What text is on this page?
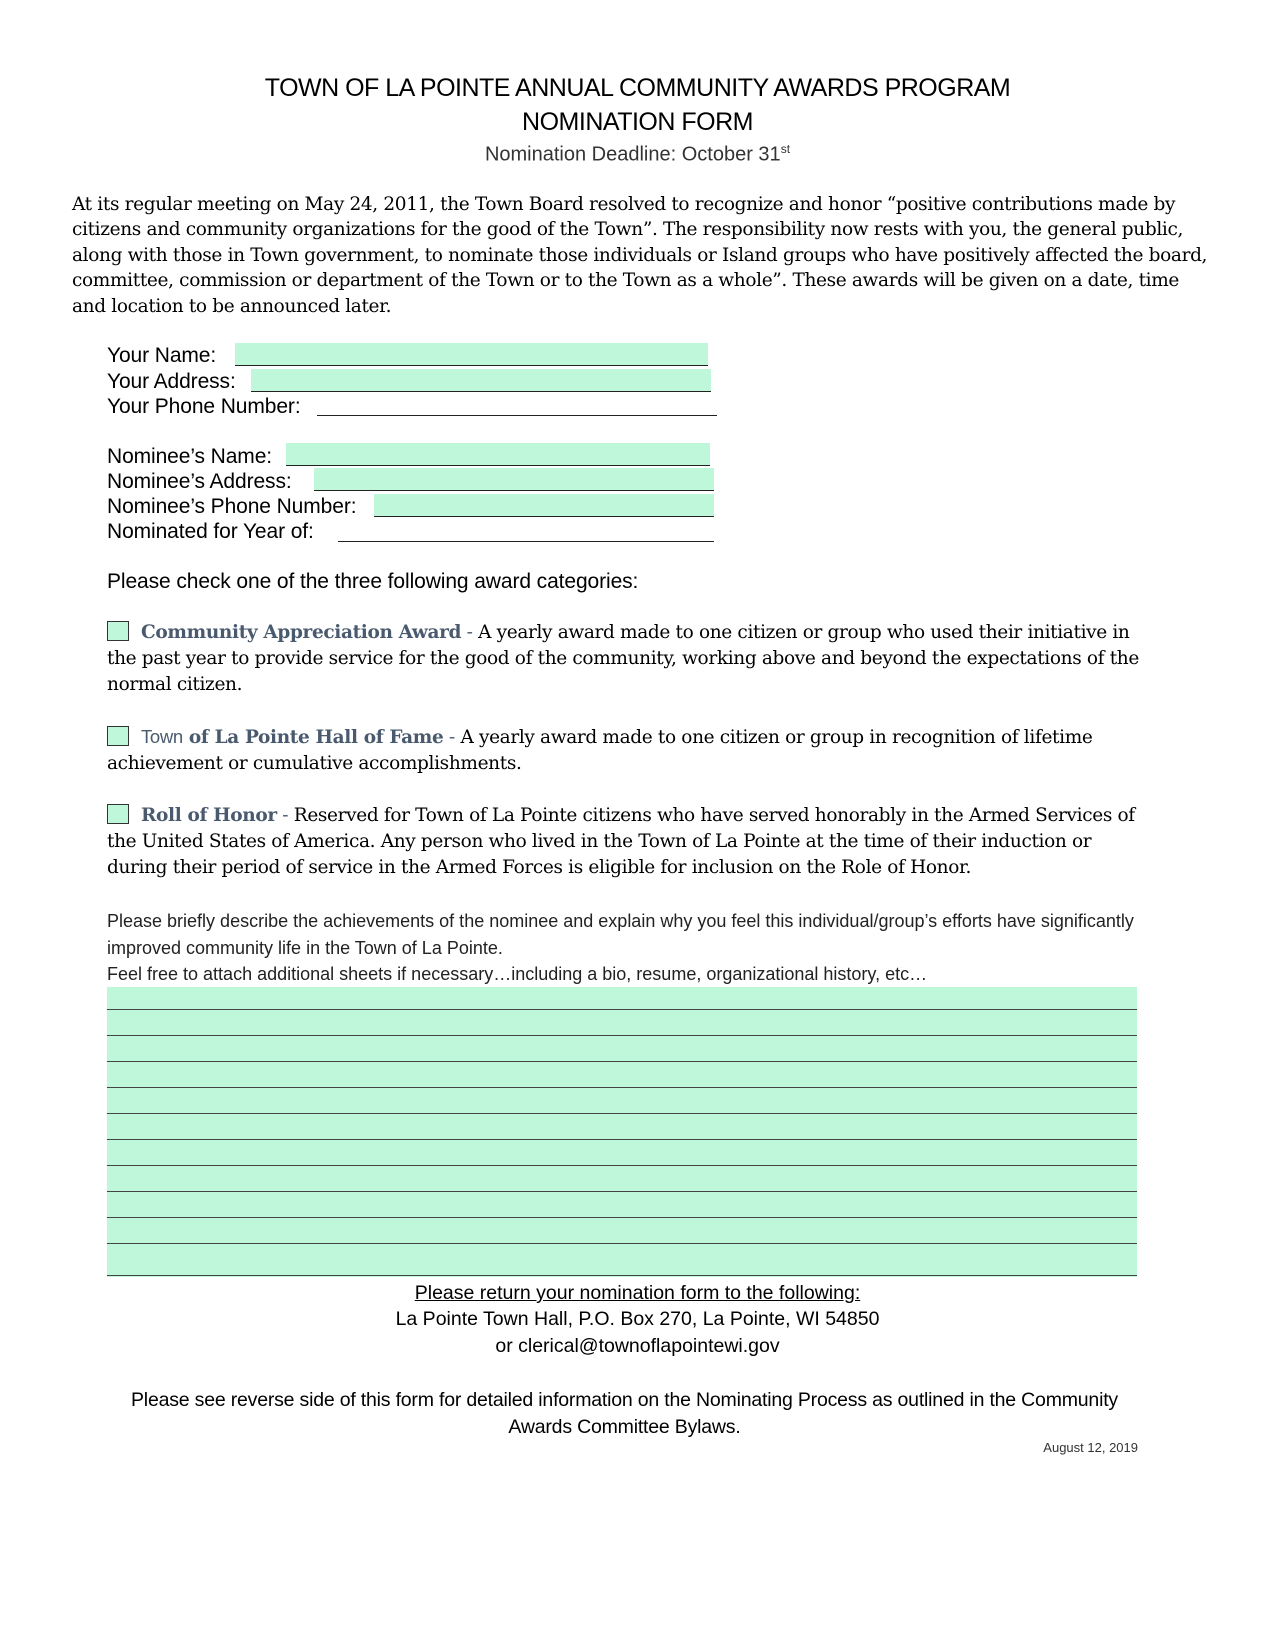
TOWN OF LA POINTE ANNUAL COMMUNITY AWARDS PROGRAM
NOMINATION FORM
Nomination Deadline: October 31st
At its regular meeting on May 24, 2011, the Town Board resolved to recognize and honor “positive contributions made by citizens and community organizations for the good of the Town”. The responsibility now rests with you, the general public, along with those in Town government, to nominate those individuals or Island groups who have positively affected the board, committee, commission or department of the Town or to the Town as a whole”. These awards will be given on a date, time and location to be announced later.
Your Name:
Your Address:
Your Phone Number:
Nominee’s Name:
Nominee’s Address:
Nominee’s Phone Number:
Nominated for Year of:
Please check one of the three following award categories:
Community Appreciation Award - A yearly award made to one citizen or group who used their initiative in the past year to provide service for the good of the community, working above and beyond the expectations of the normal citizen.
Town of La Pointe Hall of Fame - A yearly award made to one citizen or group in recognition of lifetime achievement or cumulative accomplishments.
Roll of Honor - Reserved for Town of La Pointe citizens who have served honorably in the Armed Services of the United States of America. Any person who lived in the Town of La Pointe at the time of their induction or during their period of service in the Armed Forces is eligible for inclusion on the Role of Honor.
Please briefly describe the achievements of the nominee and explain why you feel this individual/group’s efforts have significantly improved community life in the Town of La Pointe.
Feel free to attach additional sheets if necessary…including a bio, resume, organizational history, etc…
Please return your nomination form to the following:
La Pointe Town Hall, P.O. Box 270, La Pointe, WI 54850
or clerical@townoflapointewi.gov
Please see reverse side of this form for detailed information on the Nominating Process as outlined in the Community Awards Committee Bylaws.
August 12, 2019
